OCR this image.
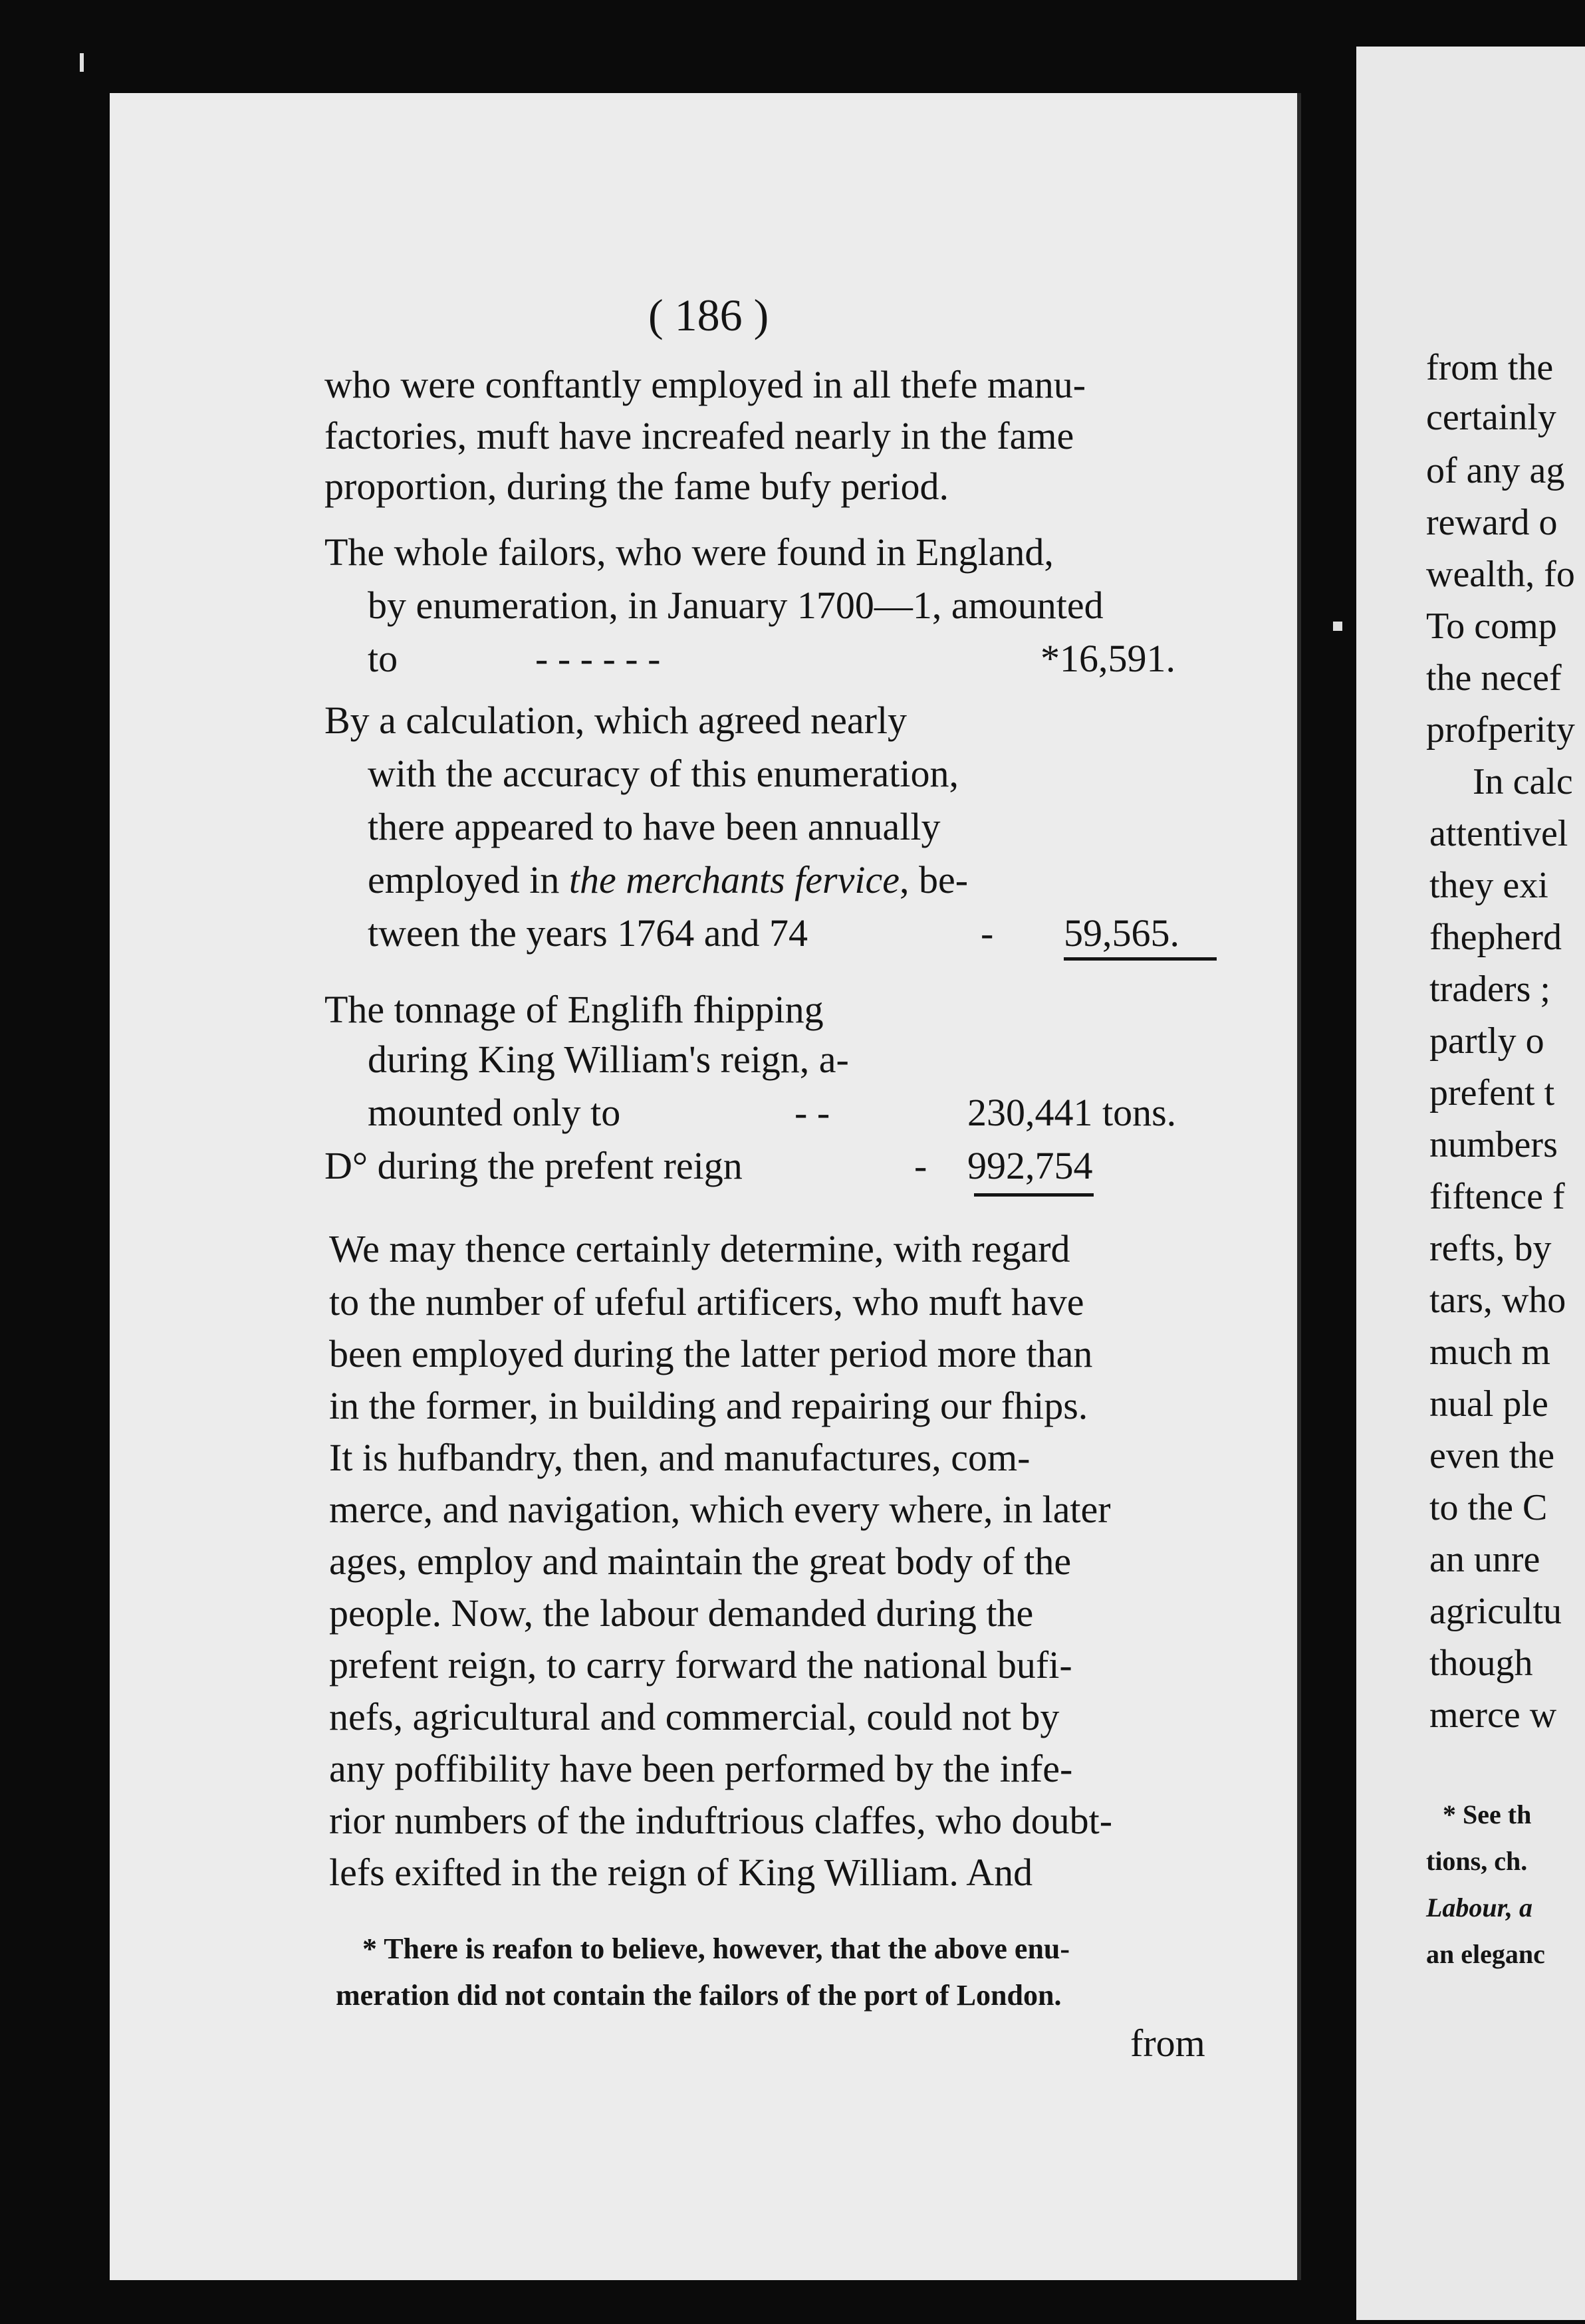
( 186 )
who were conftantly employed in all thefe manu-
factories, muft have increafed nearly in the fame
proportion, during the fame bufy period.
The whole failors, who were found in England,
by enumeration, in January 1700—1, amounted
to	- - - - - -	*16,591.
By a calculation, which agreed nearly
with the accuracy of this enumeration,
there appeared to have been annually
employed in the merchants fervice, be-
tween the years 1764 and 74	- 59,565.
The tonnage of Englifh fhipping
during King William's reign, a-
mounted only to	- -	230,441 tons.
D° during the prefent reign	- 992,754
We may thence certainly determine, with regard
to the number of ufeful artificers, who muft have
been employed during the latter period more than
in the former, in building and repairing our fhips.
It is hufbandry, then, and manufactures, com-
merce, and navigation, which every where, in later
ages, employ and maintain the great body of the
people. Now, the labour demanded during the
prefent reign, to carry forward the national bufi-
nefs, agricultural and commercial, could not by
any poffibility have been performed by the infe-
rior numbers of the induftrious claffes, who doubt-
lefs exifted in the reign of King William. And
* There is reafon to believe, however, that the above enu-
meration did not contain the failors of the port of London.
from
from the
certainly
of any ag
reward o
wealth, fo
To comp
the necef
profperity
In calc
attentivel
they exi
fhepherd
traders ;
partly o
prefent t
numbers
fiftence f
refts, by
tars, who
much m
nual ple
even the
to the C
an unre
agricultu
though
merce w
* See th
tions, ch.
Labour, a
an eleganc
